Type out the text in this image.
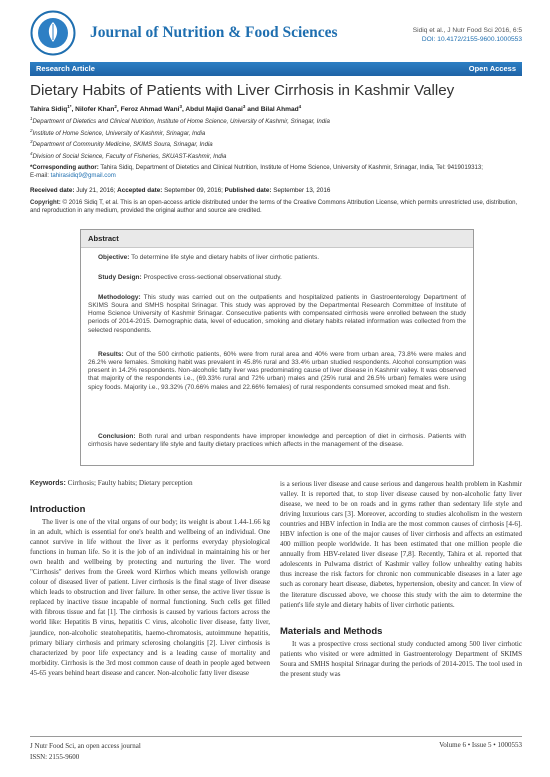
Journal of Nutrition & Food Sciences	Sidiq et al., J Nutr Food Sci 2016, 6:5
DOI: 10.4172/2155-9600.1000553
Research Article	Open Access
Dietary Habits of Patients with Liver Cirrhosis in Kashmir Valley
Tahira Sidiq$^{1*}$, Nilofer Khan$^2$, Feroz Ahmad Wani$^3$, Abdul Majid Ganai$^3$ and Bilal Ahmad$^4$
$^1$Department of Dietetics and Clinical Nutrition, Institute of Home Science, University of Kashmir, Srinagar, India
$^2$Institute of Home Science, University of Kashmir, Srinagar, India
$^3$Department of Community Medicine, SKIMS Soura, Srinagar, India
$^4$Division of Social Science, Faculty of Fisheries, SKUAST-Kashmir, India
*Corresponding author: Tahira Sidiq, Department of Dietetics and Clinical Nutrition, Institute of Home Science, University of Kashmir, Srinagar, India, Tel: 9419019313;
E-mail: tahirasidiq9@gmail.com
Received date: July 21, 2016; Accepted date: September 09, 2016; Published date: September 13, 2016
Copyright: © 2016 Sidiq T, et al. This is an open-access article distributed under the terms of the Creative Commons Attribution License, which permits unrestricted use, distribution, and reproduction in any medium, provided the original author and source are credited.
Abstract
Objective: To determine life style and dietary habits of liver cirrhotic patients.
Study Design: Prospective cross-sectional observational study.
Methodology: This study was carried out on the outpatients and hospitalized patients in Gastroenterology Department of SKIMS Soura and SMHS hospital Srinagar. This study was approved by the Departmental Research Committee of Institute of Home Science University of Kashmir Srinagar. Consecutive patients with compensated cirrhosis were enrolled between the study periods of 2014-2015. Demographic data, level of education, smoking and dietary habits related information was collected from the selected respondents.
Results: Out of the 500 cirrhotic patients, 60% were from rural area and 40% were from urban area, 73.8% were males and 26.2% were females. Smoking habit was prevalent in 45.8% rural and 33.4% urban studied respondents. Alcohol consumption was present in 14.2% respondents. Non-alcoholic fatty liver was predominating cause of liver disease in Kashmir valley. It was observed that majority of the respondents i.e., (69.33% rural and 72% urban) males and (25% rural and 26.5% urban) females were using spicy foods. Majority i.e., 93.32% (70.66% males and 22.66% females) of rural respondents consumed smoked meat and fish.
Conclusion: Both rural and urban respondents have improper knowledge and perception of diet in cirrhosis. Patients with cirrhosis have sedentary life style and faulty dietary practices which affects in the management of the disease.
Keywords: Cirrhosis; Faulty habits; Dietary perception
Introduction
The liver is one of the vital organs of our body; its weight is about 1.44-1.66 kg in an adult, which is essential for one's health and wellbeing of an individual. One cannot survive in life without the liver as it performs everyday physiological functions in human life. So it is the job of an individual in maintaining his or her own health and wellbeing by protecting and nurturing the liver. The word "Cirrhosis" derives from the Greek word Kirrhos which means yellowish orange colour of diseased liver of patient. Liver cirrhosis is the final stage of liver disease which leads to obstruction and liver failure. In other sense, the active liver tissue is replaced by inactive tissue incapable of normal functioning. Such cells get filled with fibrous tissue and fat [1]. The cirrhosis is caused by various factors across the world like: Hepatitis B virus, hepatitis C virus, alcoholic liver disease, fatty liver, jaundice, non-alcoholic steatohepatitis, haemo-chromatosis, autoimmune hepatitis, primary biliary cirrhosis and primary sclerosing cholangitis [2]. Liver cirrhosis is characterized by poor life expectancy and is a leading cause of mortality and morbidity. Cirrhosis is the 3rd most common cause of death in people aged between 45-65 years behind heart disease and cancer. Non-alcoholic fatty liver disease
is a serious liver disease and cause serious and dangerous health problem in Kashmir valley. It is reported that, to stop liver disease caused by non-alcoholic fatty liver disease, we need to be on roads and in gyms rather than sedentary life style and driving luxurious cars [3]. Moreover, according to studies alcoholism in the western countries and HBV infection in India are the most common causes of cirrhosis [4-6]. HBV infection is one of the major causes of liver cirrhosis and affects an estimated 400 million people worldwide. It has been estimated that one million people die annually from HBV-related liver disease [7,8]. Recently, Tahira et al. reported that adolescents in Pulwama district of Kashmir valley follow unhealthy eating habits thus increase the risk factors for chronic non communicable diseases in a later age such as coronary heart disease, diabetes, hypertension, obesity and cancer. In view of the literature discussed above, we choose this study with the aim to determine the patient's life style and dietary habits of liver cirrhotic patients.
Materials and Methods
It was a prospective cross sectional study conducted among 500 liver cirrhotic patients who visited or were admitted in Gastroenterology Department of SKIMS Soura and SMHS hospital Srinagar during the periods of 2014-2015. The tool used in the present study was
J Nutr Food Sci, an open access journal
ISSN: 2155-9600
Volume 6 • Issue 5 • 1000553
